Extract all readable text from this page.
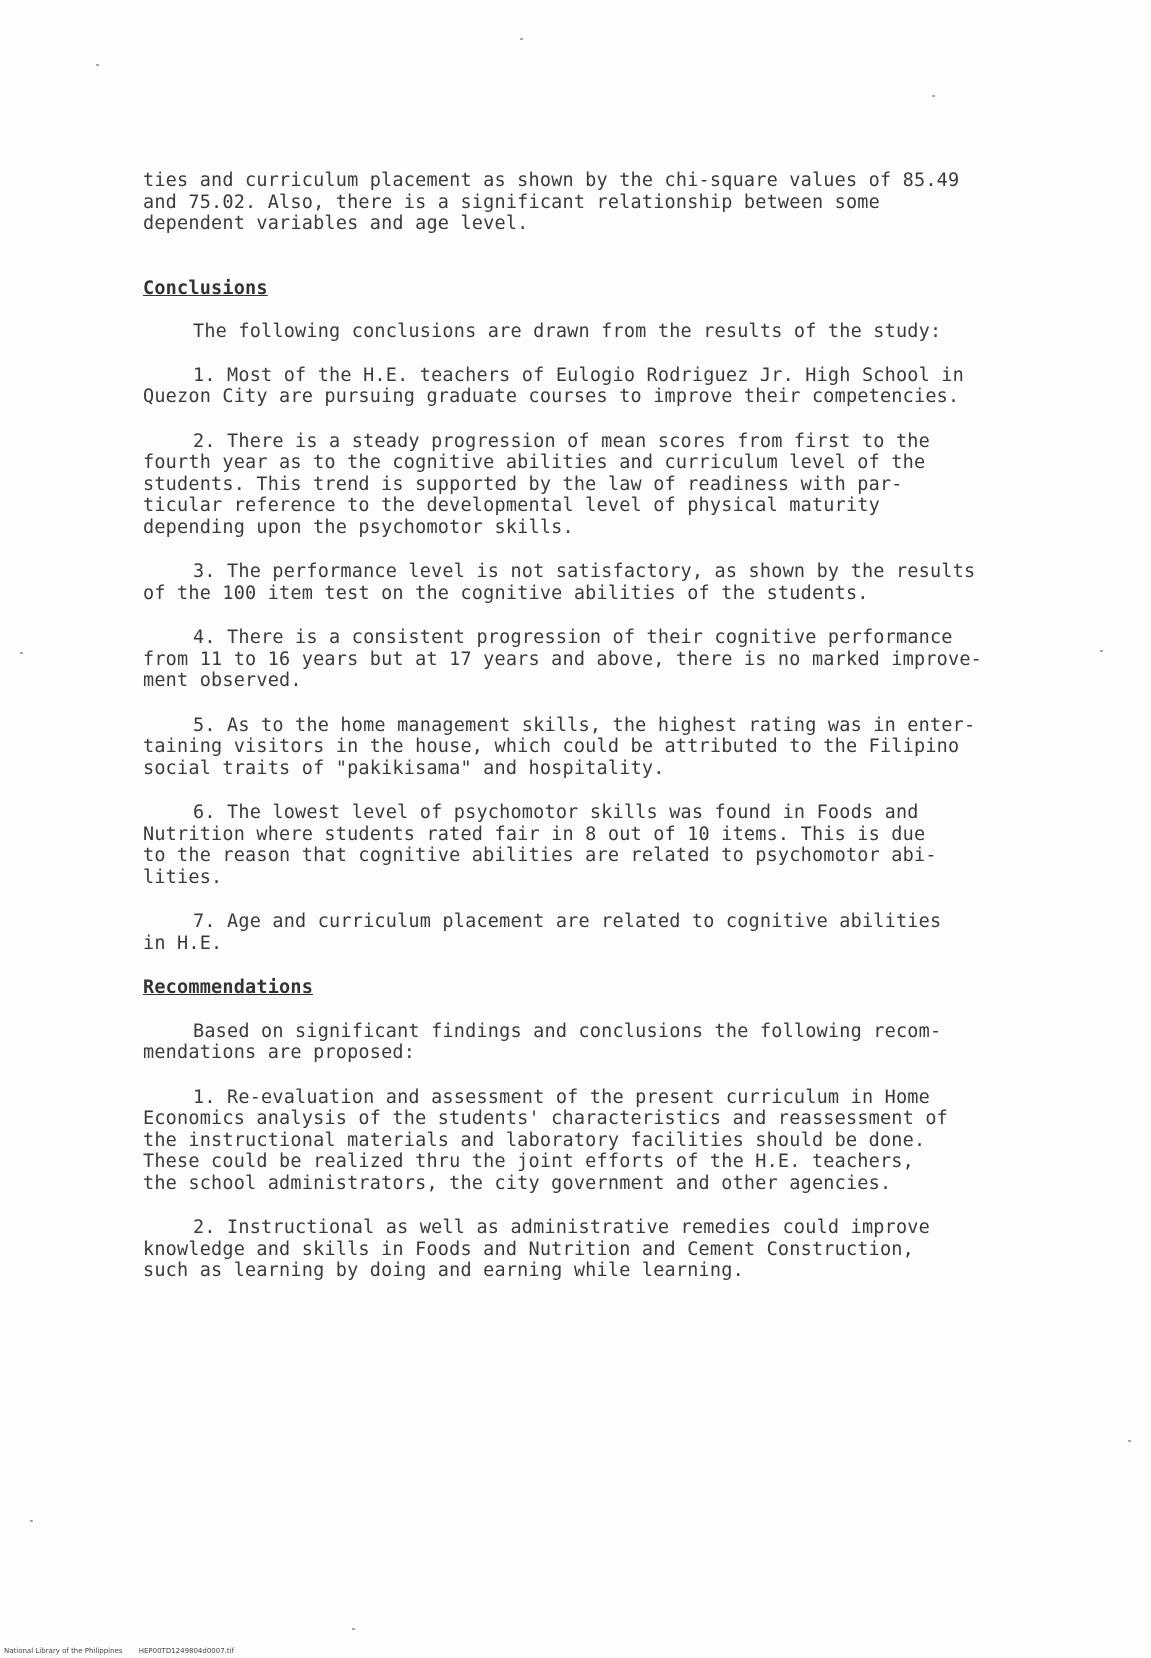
ties and curriculum placement as shown by the chi-square values of 85.49
and 75.02. Also, there is a significant relationship between some
dependent variables and age level.

Conclusions

The following conclusions are drawn from the results of the study:

1. Most of the H.E. teachers of Eulogio Rodriguez Jr. High School in
Quezon City are pursuing graduate courses to improve their competencies.
2. There is a steady progression of mean scores from first to the
fourth year as to the cognitive abilities and curriculum level of the
students. This trend is supported by the law of readiness with par-
ticular reference to the developmental level of physical maturity
depending upon the psychomotor skills.
3. The performance level is not satisfactory, as shown by the results
of the 100 item test on the cognitive abilities of the students.
4. There is a consistent progression of their cognitive performance
from 11 to 16 years but at 17 years and above, there is no marked improve-
ment observed.
5. As to the home management skills, the highest rating was in enter-
taining visitors in the house, which could be attributed to the Filipino
social traits of "pakikisama" and hospitality.
6. The lowest level of psychomotor skills was found in Foods and
Nutrition where students rated fair in 8 out of 10 items. This is due
to the reason that cognitive abilities are related to psychomotor abi-
lities.
7. Age and curriculum placement are related to cognitive abilities
in H.E.

Recommendations

Based on significant findings and conclusions the following recom-
mendations are proposed:
1. Re-evaluation and assessment of the present curriculum in Home
Economics analysis of the students' characteristics and reassessment of
the instructional materials and laboratory facilities should be done.
These could be realized thru the joint efforts of the H.E. teachers,
the school administrators, the city government and other agencies.
2. Instructional as well as administrative remedies could improve
knowledge and skills in Foods and Nutrition and Cement Construction,
such as learning by doing and earning while learning.
National Library of the Philippines HEP00TD1249804d0007.tif
